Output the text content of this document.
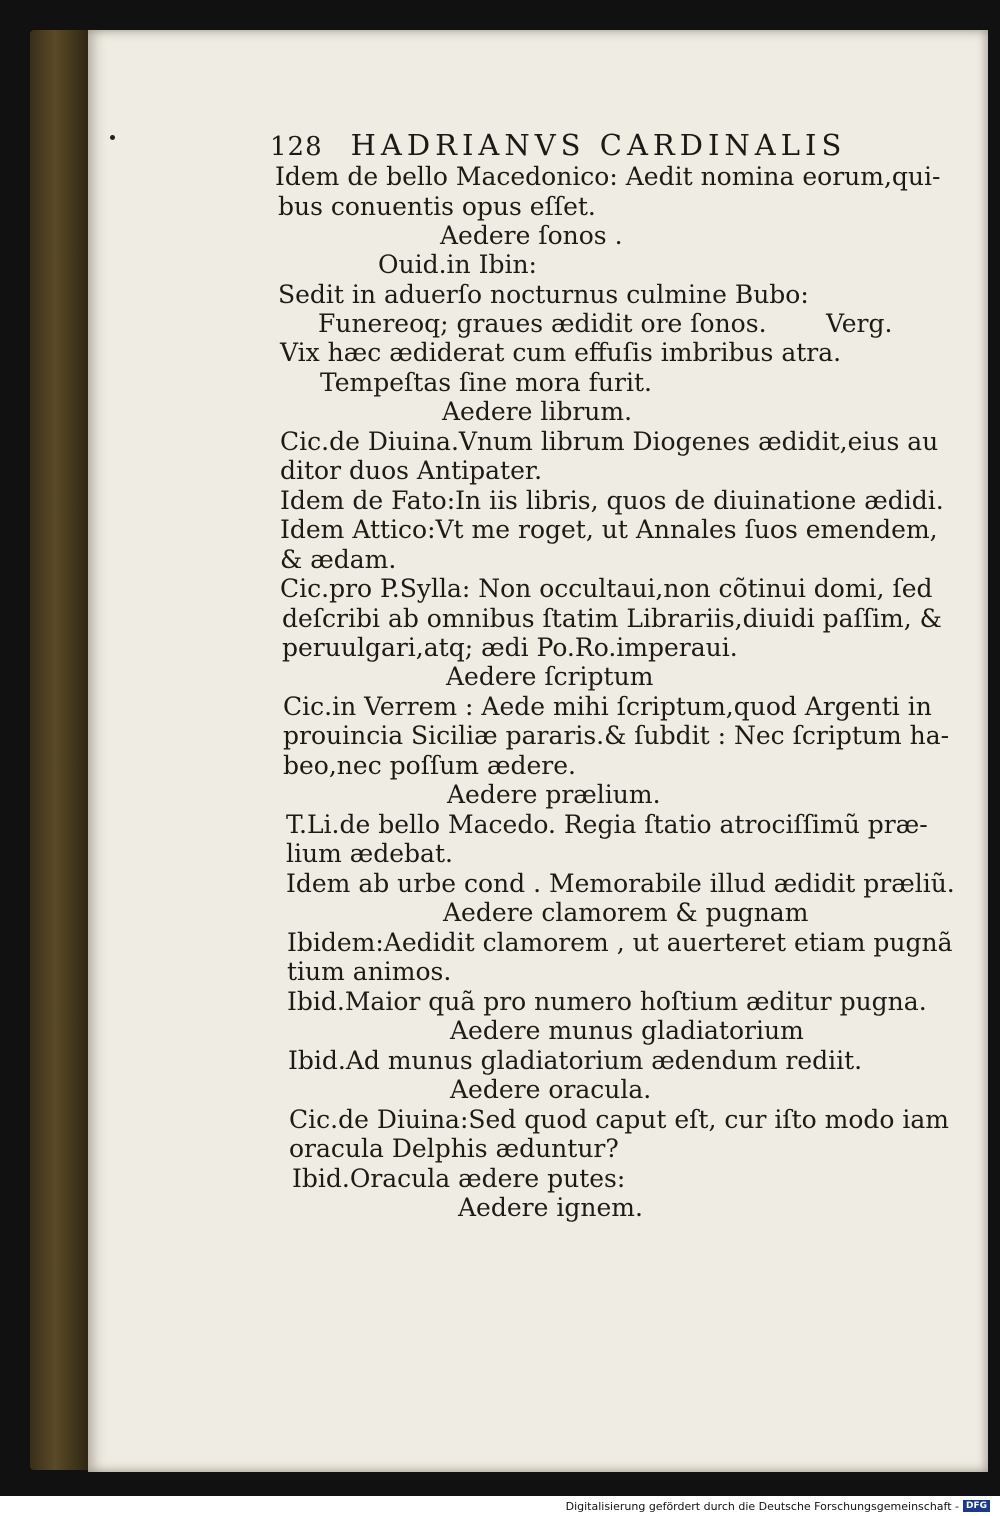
128 HADRIANVS CARDINALIS
Idem de bello Macedonico: Aedit nomina eorum,qui-
bus conuentis opus eſſet.
Aedere ſonos .
Ouid.in Ibin:
Sedit in aduerſo nocturnus culmine Bubo:
Funereoq; graues ædidit ore ſonos. Verg.
Vix hæc ædiderat cum effuſis imbribus atra.
Tempeſtas ſine mora furit.
Aedere librum.
Cic.de Diuina.Vnum librum Diogenes ædidit,eius au
ditor duos Antipater.
Idem de Fato:In iis libris, quos de diuinatione ædidi.
Idem Attico:Vt me roget, ut Annales ſuos emendem,
& ædam.
Cic.pro P.Sylla: Non occultaui,non cõtinui domi, ſed
deſcribi ab omnibus ſtatim Librariis,diuidi paſſim, &
peruulgari,atq; ædi Po.Ro.imperaui.
Aedere ſcriptum
Cic.in Verrem : Aede mihi ſcriptum,quod Argenti in
prouincia Siciliæ pararis.& ſubdit : Nec ſcriptum ha-
beo,nec poſſum ædere.
Aedere prælium.
T.Li.de bello Macedo. Regia ſtatio atrociſſimũ præ-
lium ædebat.
Idem ab urbe cond . Memorabile illud ædidit præliũ.
Aedere clamorem & pugnam
Ibidem:Aedidit clamorem , ut auerteret etiam pugnã
tium animos.
Ibid.Maior quã pro numero hoſtium æditur pugna.
Aedere munus gladiatorium
Ibid.Ad munus gladiatorium ædendum rediit.
Aedere oracula.
Cic.de Diuina:Sed quod caput eſt, cur iſto modo iam
oracula Delphis æduntur?
Ibid.Oracula ædere putes:
Aedere ignem.
Digitalisierung gefördert durch die Deutsche Forschungsgemeinschaft - DFG
